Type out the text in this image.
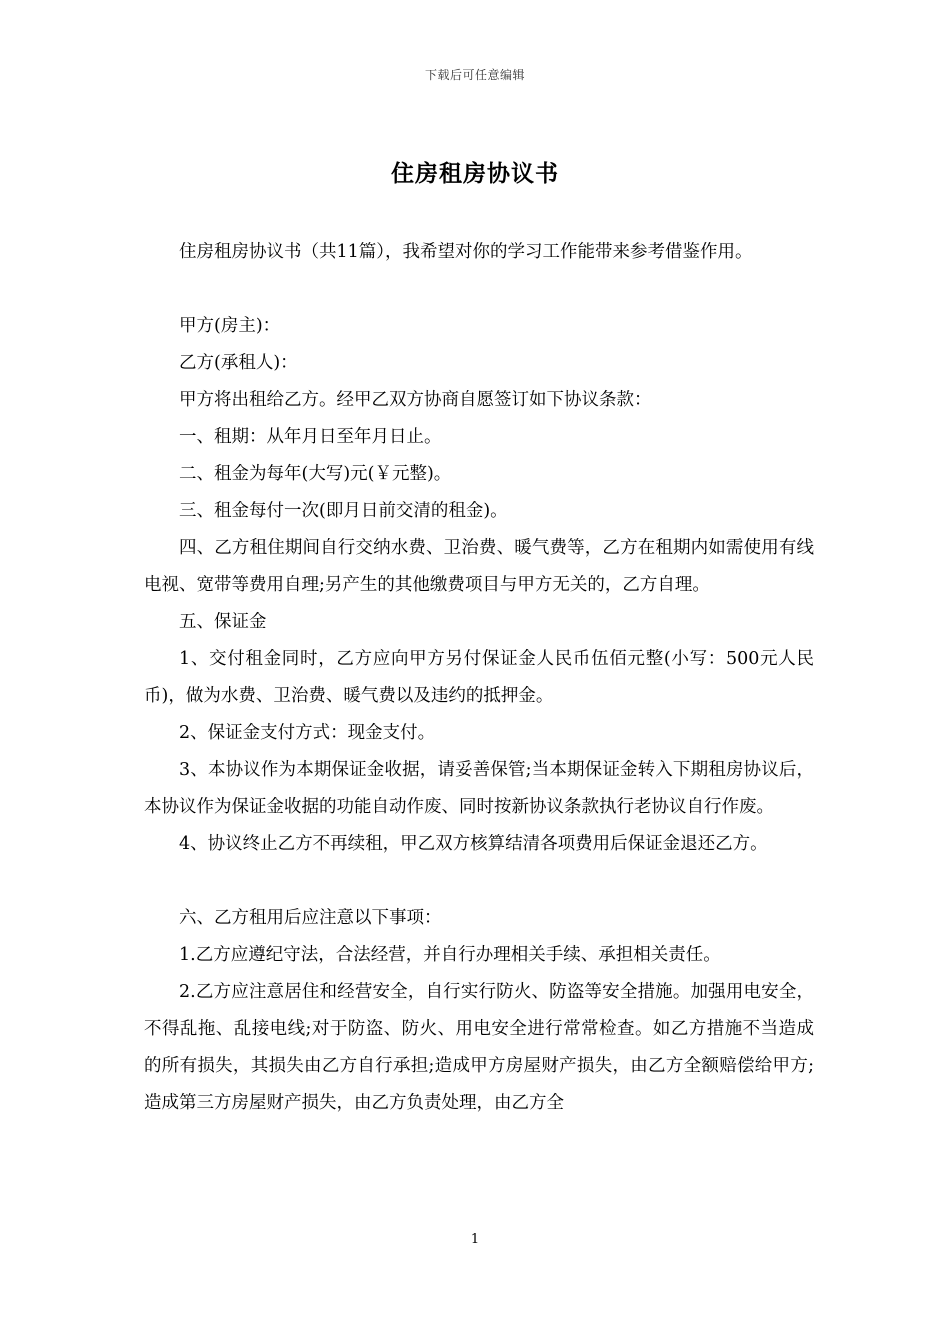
下载后可任意编辑
住房租房协议书

住房租房协议书（共11篇），我希望对你的学习工作能带来参考借鉴作用。

甲方(房主)：

乙方(承租人)：

甲方将出租给乙方。经甲乙双方协商自愿签订如下协议条款：

一、租期：从年月日至年月日止。

二、租金为每年(大写)元(￥元整)。

三、租金每付一次(即月日前交清的租金)。

四、乙方租住期间自行交纳水费、卫治费、暖气费等，乙方在租期内如需使用有线电视、宽带等费用自理;另产生的其他缴费项目与甲方无关的，乙方自理。

五、保证金

1、交付租金同时，乙方应向甲方另付保证金人民币伍佰元整(小写：500元人民币)，做为水费、卫治费、暖气费以及违约的抵押金。

2、保证金支付方式：现金支付。

3、本协议作为本期保证金收据，请妥善保管;当本期保证金转入下期租房协议后，本协议作为保证金收据的功能自动作废、同时按新协议条款执行老协议自行作废。

4、协议终止乙方不再续租，甲乙双方核算结清各项费用后保证金退还乙方。

六、乙方租用后应注意以下事项：

1.乙方应遵纪守法，合法经营，并自行办理相关手续、承担相关责任。

2.乙方应注意居住和经营安全，自行实行防火、防盗等安全措施。加强用电安全，不得乱拖、乱接电线;对于防盗、防火、用电安全进行常常检查。如乙方措施不当造成的所有损失，其损失由乙方自行承担;造成甲方房屋财产损失，由乙方全额赔偿给甲方;造成第三方房屋财产损失，由乙方负责处理，由乙方全

1
